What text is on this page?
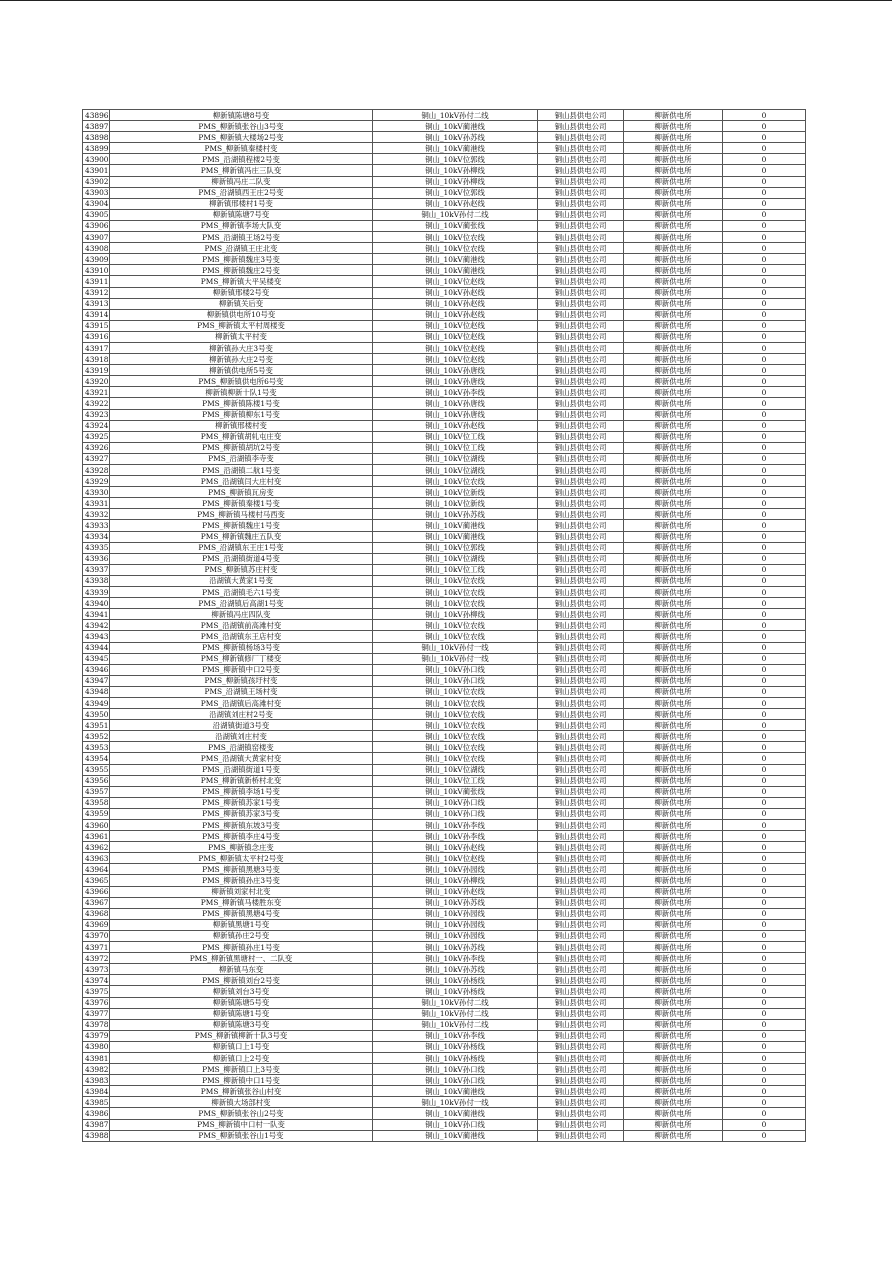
43896	柳新镇陈塘8号变	铜山_10kV孙付二线	铜山县供电公司	柳新供电所	0
43897	PMS_柳新镇张谷山3号变	铜山_10kV蔺港线	铜山县供电公司	柳新供电所	0
43898	PMS_柳新镇大楼场2号变	铜山_10kV孙苏线	铜山县供电公司	柳新供电所	0
43899	PMS_柳新镇秦楼村变	铜山_10kV蔺港线	铜山县供电公司	柳新供电所	0
43900	PMS_沿湖镇程楼2号变	铜山_10kV位郭线	铜山县供电公司	柳新供电所	0
43901	PMS_柳新镇冯庄三队变	铜山_10kV孙柳线	铜山县供电公司	柳新供电所	0
43902	柳新镇冯庄二队变	铜山_10kV孙柳线	铜山县供电公司	柳新供电所	0
43903	PMS_沿湖镇西王庄2号变	铜山_10kV位郭线	铜山县供电公司	柳新供电所	0
43904	柳新镇邢楼村1号变	铜山_10kV孙赵线	铜山县供电公司	柳新供电所	0
43905	柳新镇陈塘7号变	铜山_10kV孙付二线	铜山县供电公司	柳新供电所	0
43906	PMS_柳新镇李场大队变	铜山_10kV蔺张线	铜山县供电公司	柳新供电所	0
43907	PMS_沿湖镇王场2号变	铜山_10kV位农线	铜山县供电公司	柳新供电所	0
43908	PMS_沿湖镇王庄北变	铜山_10kV位农线	铜山县供电公司	柳新供电所	0
43909	PMS_柳新镇魏庄3号变	铜山_10kV蔺港线	铜山县供电公司	柳新供电所	0
43910	PMS_柳新镇魏庄2号变	铜山_10kV蔺港线	铜山县供电公司	柳新供电所	0
43911	PMS_柳新镇大平吴楼变	铜山_10kV位赵线	铜山县供电公司	柳新供电所	0
43912	柳新镇邢楼2号变	铜山_10kV孙赵线	铜山县供电公司	柳新供电所	0
43913	柳新镇关后变	铜山_10kV孙赵线	铜山县供电公司	柳新供电所	0
43914	柳新镇供电所10号变	铜山_10kV孙赵线	铜山县供电公司	柳新供电所	0
43915	PMS_柳新镇太平村周楼变	铜山_10kV位赵线	铜山县供电公司	柳新供电所	0
43916	柳新镇太平村变	铜山_10kV位赵线	铜山县供电公司	柳新供电所	0
43917	柳新镇孙大庄3号变	铜山_10kV位赵线	铜山县供电公司	柳新供电所	0
43918	柳新镇孙大庄2号变	铜山_10kV位赵线	铜山县供电公司	柳新供电所	0
43919	柳新镇供电所5号变	铜山_10kV孙唐线	铜山县供电公司	柳新供电所	0
43920	PMS_柳新镇供电所6号变	铜山_10kV孙唐线	铜山县供电公司	柳新供电所	0
43921	柳新镇柳新十队1号变	铜山_10kV孙李线	铜山县供电公司	柳新供电所	0
43922	PMS_柳新镇陈楼1号变	铜山_10kV孙唐线	铜山县供电公司	柳新供电所	0
43923	PMS_柳新镇柳东1号变	铜山_10kV孙唐线	铜山县供电公司	柳新供电所	0
43924	柳新镇邢楼村变	铜山_10kV孙赵线	铜山县供电公司	柳新供电所	0
43925	PMS_柳新镇胡轧屯庄变	铜山_10kV位工线	铜山县供电公司	柳新供电所	0
43926	PMS_柳新镇胡坑2号变	铜山_10kV位工线	铜山县供电公司	柳新供电所	0
43927	PMS_沿湖镇李寺变	铜山_10kV位湖线	铜山县供电公司	柳新供电所	0
43928	PMS_沿湖镇二航1号变	铜山_10kV位湖线	铜山县供电公司	柳新供电所	0
43929	PMS_沿湖镇闫大庄村变	铜山_10kV位农线	铜山县供电公司	柳新供电所	0
43930	PMS_柳新镇瓦房变	铜山_10kV位新线	铜山县供电公司	柳新供电所	0
43931	PMS_柳新镇秦楼1号变	铜山_10kV位新线	铜山县供电公司	柳新供电所	0
43932	PMS_柳新镇马楼村马西变	铜山_10kV孙苏线	铜山县供电公司	柳新供电所	0
43933	PMS_柳新镇魏庄1号变	铜山_10kV蔺港线	铜山县供电公司	柳新供电所	0
43934	PMS_柳新镇魏庄五队变	铜山_10kV蔺港线	铜山县供电公司	柳新供电所	0
43935	PMS_沿湖镇东王庄1号变	铜山_10kV位郭线	铜山县供电公司	柳新供电所	0
43936	PMS_沿湖镇街道4号变	铜山_10kV位湖线	铜山县供电公司	柳新供电所	0
43937	PMS_柳新镇苏庄村变	铜山_10kV位工线	铜山县供电公司	柳新供电所	0
43938	沿湖镇大黄家1号变	铜山_10kV位农线	铜山县供电公司	柳新供电所	0
43939	PMS_沿湖镇毛六1号变	铜山_10kV位农线	铜山县供电公司	柳新供电所	0
43940	PMS_沿湖镇后高湖1号变	铜山_10kV位农线	铜山县供电公司	柳新供电所	0
43941	柳新镇冯庄四队变	铜山_10kV孙柳线	铜山县供电公司	柳新供电所	0
43942	PMS_沿湖镇前高滩村变	铜山_10kV位农线	铜山县供电公司	柳新供电所	0
43943	PMS_沿湖镇东王店村变	铜山_10kV位农线	铜山县供电公司	柳新供电所	0
43944	PMS_柳新镇杨场3号变	铜山_10kV孙付一线	铜山县供电公司	柳新供电所	0
43945	PMS_柳新镇修厂丁楼变	铜山_10kV孙付一线	铜山县供电公司	柳新供电所	0
43946	PMS_柳新镇中口2号变	铜山_10kV孙口线	铜山县供电公司	柳新供电所	0
43947	PMS_柳新镇孩圩村变	铜山_10kV孙口线	铜山县供电公司	柳新供电所	0
43948	PMS_沿湖镇王场村变	铜山_10kV位农线	铜山县供电公司	柳新供电所	0
43949	PMS_沿湖镇后高滩村变	铜山_10kV位农线	铜山县供电公司	柳新供电所	0
43950	沿湖镇刘庄村2号变	铜山_10kV位农线	铜山县供电公司	柳新供电所	0
43951	沿湖镇街道3号变	铜山_10kV位农线	铜山县供电公司	柳新供电所	0
43952	沿湖镇刘庄村变	铜山_10kV位农线	铜山县供电公司	柳新供电所	0
43953	PMS_沿湖镇窑楼变	铜山_10kV位农线	铜山县供电公司	柳新供电所	0
43954	PMS_沿湖镇大黄家村变	铜山_10kV位农线	铜山县供电公司	柳新供电所	0
43955	PMS_沿湖镇街道1号变	铜山_10kV位湖线	铜山县供电公司	柳新供电所	0
43956	PMS_柳新镇新桥村北变	铜山_10kV位工线	铜山县供电公司	柳新供电所	0
43957	PMS_柳新镇李场1号变	铜山_10kV蔺张线	铜山县供电公司	柳新供电所	0
43958	PMS_柳新镇苏家1号变	铜山_10kV孙口线	铜山县供电公司	柳新供电所	0
43959	PMS_柳新镇苏家3号变	铜山_10kV孙口线	铜山县供电公司	柳新供电所	0
43960	PMS_柳新镇东坡3号变	铜山_10kV孙李线	铜山县供电公司	柳新供电所	0
43961	PMS_柳新镇李庄4号变	铜山_10kV孙李线	铜山县供电公司	柳新供电所	0
43962	PMS_柳新镇念庄变	铜山_10kV孙赵线	铜山县供电公司	柳新供电所	0
43963	PMS_柳新镇太平村2号变	铜山_10kV位赵线	铜山县供电公司	柳新供电所	0
43964	PMS_柳新镇黑塘3号变	铜山_10kV孙园线	铜山县供电公司	柳新供电所	0
43965	PMS_柳新镇孙庄3号变	铜山_10kV孙柳线	铜山县供电公司	柳新供电所	0
43966	柳新镇刘家村北变	铜山_10kV孙赵线	铜山县供电公司	柳新供电所	0
43967	PMS_柳新镇马楼胜东变	铜山_10kV孙苏线	铜山县供电公司	柳新供电所	0
43968	PMS_柳新镇黑塘4号变	铜山_10kV孙园线	铜山县供电公司	柳新供电所	0
43969	柳新镇黑塘1号变	铜山_10kV孙园线	铜山县供电公司	柳新供电所	0
43970	柳新镇孙庄2号变	铜山_10kV孙园线	铜山县供电公司	柳新供电所	0
43971	PMS_柳新镇孙庄1号变	铜山_10kV孙苏线	铜山县供电公司	柳新供电所	0
43972	PMS_柳新镇黑塘村一、二队变	铜山_10kV孙李线	铜山县供电公司	柳新供电所	0
43973	柳新镇马东变	铜山_10kV孙苏线	铜山县供电公司	柳新供电所	0
43974	PMS_柳新镇刘台2号变	铜山_10kV孙杨线	铜山县供电公司	柳新供电所	0
43975	柳新镇刘台3号变	铜山_10kV孙杨线	铜山县供电公司	柳新供电所	0
43976	柳新镇陈塘5号变	铜山_10kV孙付二线	铜山县供电公司	柳新供电所	0
43977	柳新镇陈塘1号变	铜山_10kV孙付二线	铜山县供电公司	柳新供电所	0
43978	柳新镇陈塘3号变	铜山_10kV孙付二线	铜山县供电公司	柳新供电所	0
43979	PMS_柳新镇柳新十队3号变	铜山_10kV孙李线	铜山县供电公司	柳新供电所	0
43980	柳新镇口上1号变	铜山_10kV孙杨线	铜山县供电公司	柳新供电所	0
43981	柳新镇口上2号变	铜山_10kV孙杨线	铜山县供电公司	柳新供电所	0
43982	PMS_柳新镇口上3号变	铜山_10kV孙口线	铜山县供电公司	柳新供电所	0
43983	PMS_柳新镇中口1号变	铜山_10kV孙口线	铜山县供电公司	柳新供电所	0
43984	PMS_柳新镇张谷山村变	铜山_10kV蔺港线	铜山县供电公司	柳新供电所	0
43985	柳新镇大场部村变	铜山_10kV孙付一线	铜山县供电公司	柳新供电所	0
43986	PMS_柳新镇张谷山2号变	铜山_10kV蔺港线	铜山县供电公司	柳新供电所	0
43987	PMS_柳新镇中口村一队变	铜山_10kV孙口线	铜山县供电公司	柳新供电所	0
43988	PMS_柳新镇张谷山1号变	铜山_10kV蔺港线	铜山县供电公司	柳新供电所	0
